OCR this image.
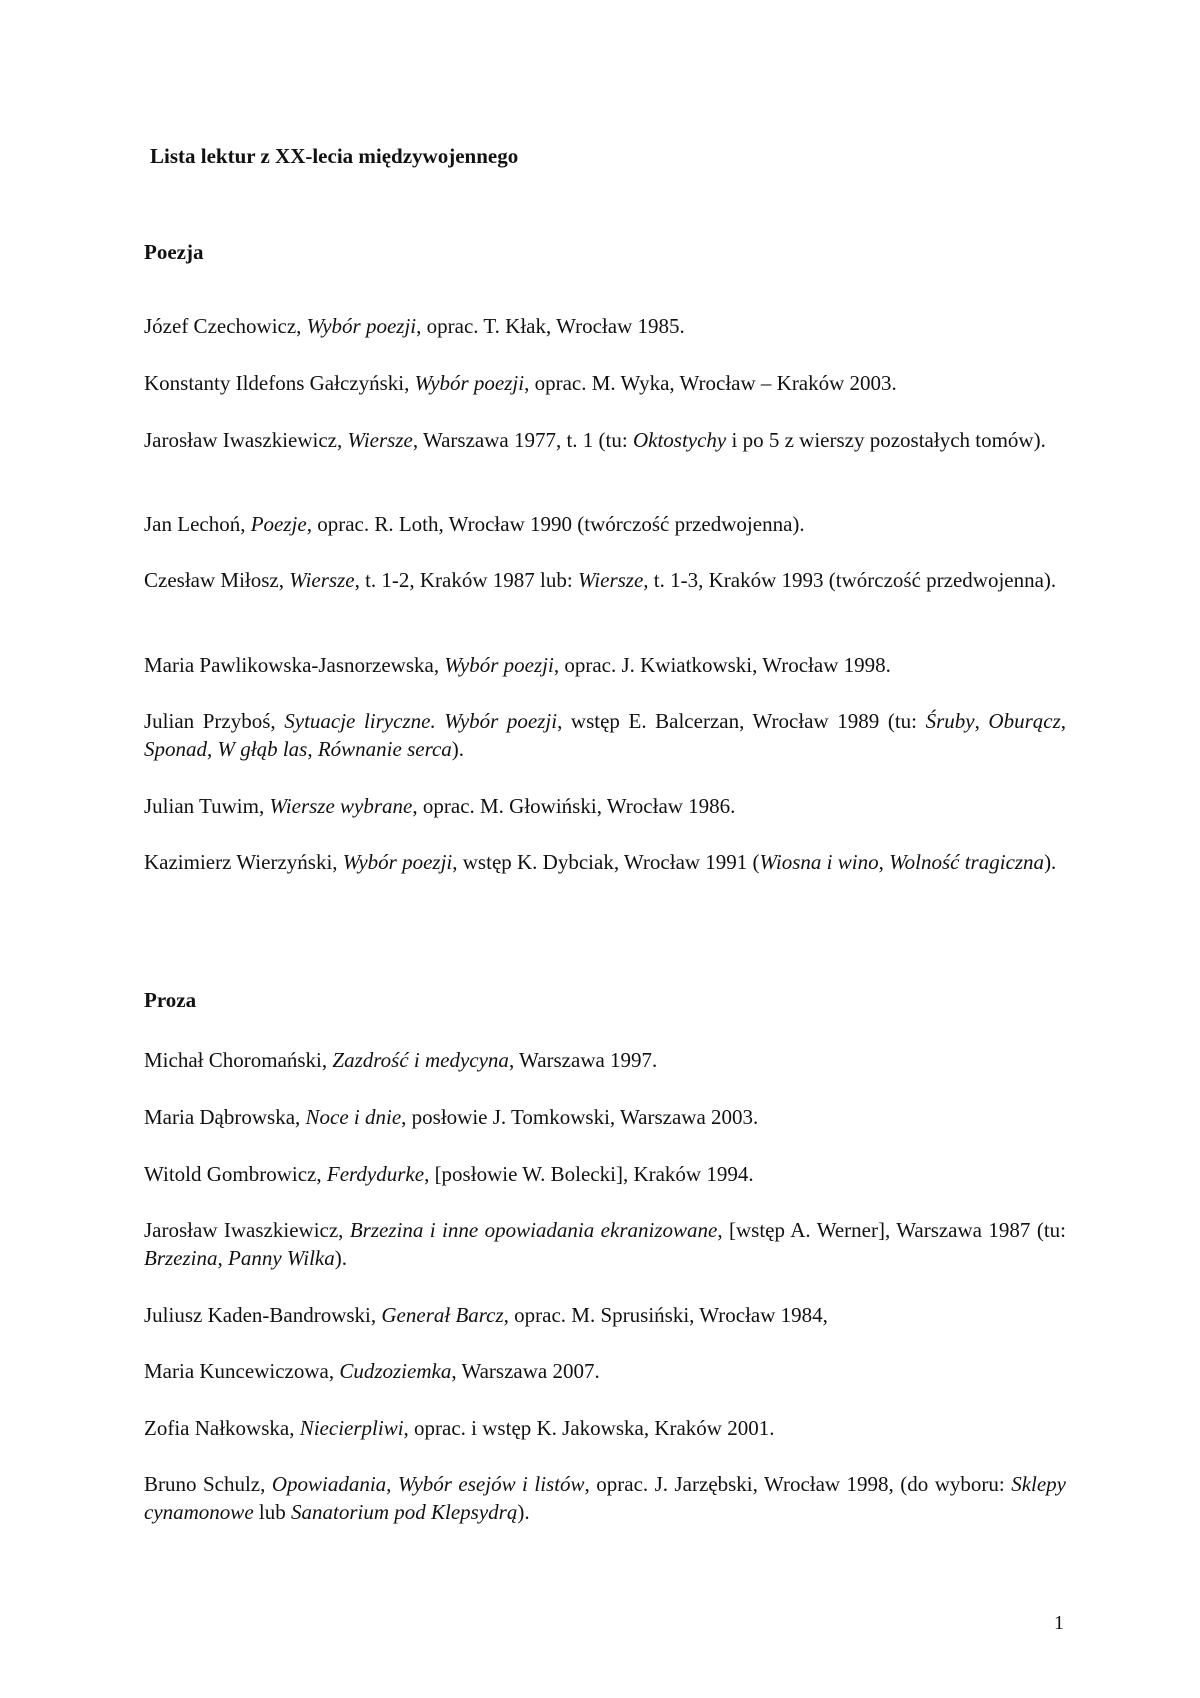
Lista lektur z XX-lecia międzywojennego

Poezja

Józef Czechowicz, Wybór poezji, oprac. T. Kłak, Wrocław 1985.

Konstanty Ildefons Gałczyński, Wybór poezji, oprac. M. Wyka, Wrocław – Kraków 2003.

Jarosław Iwaszkiewicz, Wiersze, Warszawa 1977, t. 1 (tu: Oktostychy i po 5 z wierszy pozostałych tomów).

Jan Lechoń, Poezje, oprac. R. Loth, Wrocław 1990 (twórczość przedwojenna).

Czesław Miłosz, Wiersze, t. 1-2, Kraków 1987 lub: Wiersze, t. 1-3, Kraków 1993 (twórczość przedwojenna).

Maria Pawlikowska-Jasnorzewska, Wybór poezji, oprac. J. Kwiatkowski, Wrocław 1998.

Julian Przyboś, Sytuacje liryczne. Wybór poezji, wstęp E. Balcerzan, Wrocław 1989 (tu: Śruby, Oburącz, Sponad, W głąb las, Równanie serca).

Julian Tuwim, Wiersze wybrane, oprac. M. Głowiński, Wrocław 1986.

Kazimierz Wierzyński, Wybór poezji, wstęp K. Dybciak, Wrocław 1991 (Wiosna i wino, Wolność tragiczna).

Proza

Michał Choromański, Zazdrość i medycyna, Warszawa 1997.

Maria Dąbrowska, Noce i dnie, posłowie J. Tomkowski, Warszawa 2003.

Witold Gombrowicz, Ferdydurke, [posłowie W. Bolecki], Kraków 1994.

Jarosław Iwaszkiewicz, Brzezina i inne opowiadania ekranizowane, [wstęp A. Werner], Warszawa 1987 (tu: Brzezina, Panny Wilka).

Juliusz Kaden-Bandrowski, Generał Barcz, oprac. M. Sprusiński, Wrocław 1984,

Maria Kuncewiczowa, Cudzoziemka, Warszawa 2007.

Zofia Nałkowska, Niecierpliwi, oprac. i wstęp K. Jakowska, Kraków 2001.

Bruno Schulz, Opowiadania, Wybór esejów i listów, oprac. J. Jarzębski, Wrocław 1998, (do wyboru: Sklepy cynamonowe lub Sanatorium pod Klepsydrą).

1
